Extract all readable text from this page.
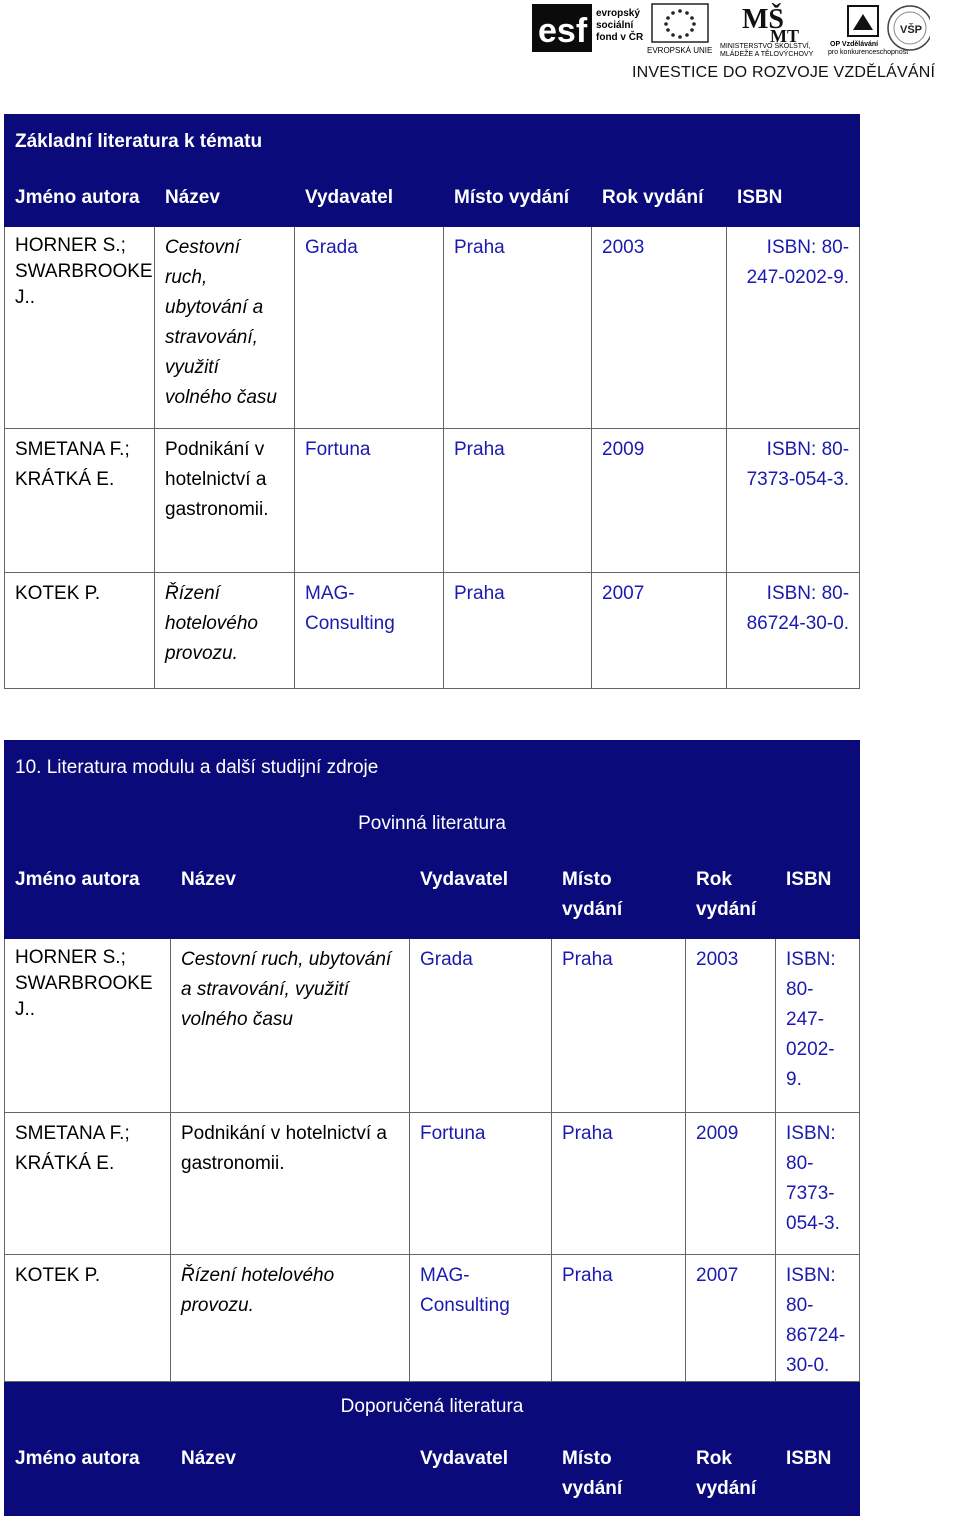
esf evropský
sociální
fond v ČR
EVROPSKÁ UNIE
MŠ
MT
MINISTERSTVO ŠKOLSTVÍ,
MLÁDEŽE A TĚLOVÝCHOVY
OP Vzdělávání
pro konkurenceschopnost
VŠP
INVESTICE DO ROZVOJE VZDĚLÁVÁNÍ
Základní literatura k tématu					
Jméno autora	Název	Vydavatel	Místo vydání	Rok vydání	ISBN
HORNER S.; SWARBROOKE J..	Cestovní ruch, ubytování a stravování, využití volného času	Grada	Praha	2003	ISBN: 80-247-0202-9.
SMETANA F.; KRÁTKÁ E.	Podnikání v hotelnictví a gastronomii.	Fortuna	Praha	2009	ISBN: 80-7373-054-3.
KOTEK P.	Řízení hotelového provozu.	MAG-Consulting	Praha	2007	ISBN: 80-86724-30-0.
10. Literatura modulu a další studijní zdroje					
Povinná literatura					
Jméno autora	Název	Vydavatel	Místo vydání	Rok vydání	ISBN
HORNER S.; SWARBROOKE J..	Cestovní ruch, ubytování a stravování, využití volného času	Grada	Praha	2003	ISBN: 80-247-0202-9.
SMETANA F.; KRÁTKÁ E.	Podnikání v hotelnictví a gastronomii.	Fortuna	Praha	2009	ISBN: 80-7373-054-3.
KOTEK P.	Řízení hotelového provozu.	MAG-Consulting	Praha	2007	ISBN: 80-86724-30-0.
Doporučená literatura					
Jméno autora	Název	Vydavatel	Místo vydání	Rok vydání	ISBN
